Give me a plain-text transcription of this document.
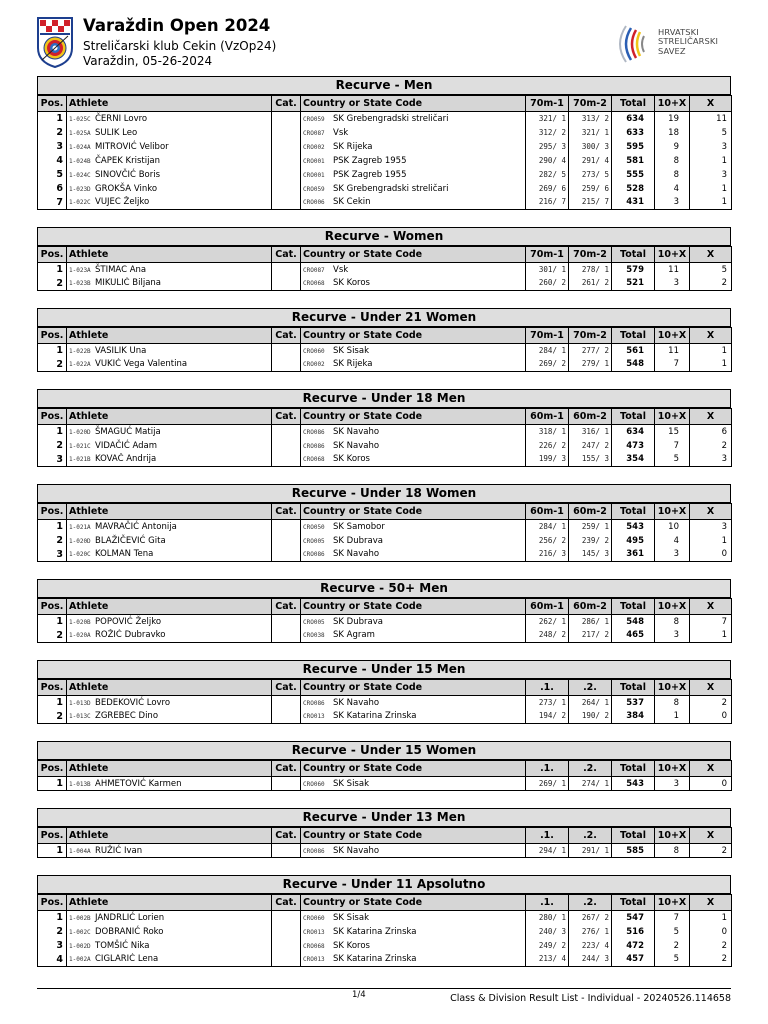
Varaždin Open 2024
Streličarski klub Cekin (VzOp24)
Varaždin, 05-26-2024
HRVATSKI
STRELIČARSKI
SAVEZ
Recurve - Men
Pos.	Athlete	Cat.	Country or State Code	70m-1	70m-2	Total	10+X	X
1	1-025C ČERNI Lovro		CRO059 SK Grebengradski streličari	321/ 1	313/ 2	634	19	11
2	1-025A SULIK Leo		CRO087 Vsk	312/ 2	321/ 1	633	18	5
3	1-024A MITROVIĆ Velibor		CRO002 SK Rijeka	295/ 3	300/ 3	595	9	3
4	1-024B ČAPEK Kristijan		CRO001 PSK Zagreb 1955	290/ 4	291/ 4	581	8	1
5	1-024C SINOVČIĆ Boris		CRO001 PSK Zagreb 1955	282/ 5	273/ 5	555	8	3
6	1-023D GROKŠA Vinko		CRO059 SK Grebengradski streličari	269/ 6	259/ 6	528	4	1
7	1-022C VUJEC Željko		CRO006 SK Cekin	216/ 7	215/ 7	431	3	1
Recurve - Women
Pos.	Athlete	Cat.	Country or State Code	70m-1	70m-2	Total	10+X	X
1	1-023A ŠTIMAC Ana		CRO087 Vsk	301/ 1	278/ 1	579	11	5
2	1-023B MIKULIĆ Biljana		CRO068 SK Koros	260/ 2	261/ 2	521	3	2
Recurve - Under 21 Women
Pos.	Athlete	Cat.	Country or State Code	70m-1	70m-2	Total	10+X	X
1	1-022B VASILIK Una		CRO060 SK Sisak	284/ 1	277/ 2	561	11	1
2	1-022A VUKIĆ Vega Valentina		CRO002 SK Rijeka	269/ 2	279/ 1	548	7	1
Recurve - Under 18 Men
Pos.	Athlete	Cat.	Country or State Code	60m-1	60m-2	Total	10+X	X
1	1-020D ŠMAGUĆ Matija		CRO086 SK Navaho	318/ 1	316/ 1	634	15	6
2	1-021C VIDAČIĆ Adam		CRO086 SK Navaho	226/ 2	247/ 2	473	7	2
3	1-021B KOVAČ Andrija		CRO068 SK Koros	199/ 3	155/ 3	354	5	3
Recurve - Under 18 Women
Pos.	Athlete	Cat.	Country or State Code	60m-1	60m-2	Total	10+X	X
1	1-021A MAVRAČIĆ Antonija		CRO050 SK Samobor	284/ 1	259/ 1	543	10	3
2	1-020D BLAŽIČEVIĆ Gita		CRO005 SK Dubrava	256/ 2	239/ 2	495	4	1
3	1-020C KOLMAN Tena		CRO086 SK Navaho	216/ 3	145/ 3	361	3	0
Recurve - 50+ Men
Pos.	Athlete	Cat.	Country or State Code	60m-1	60m-2	Total	10+X	X
1	1-020B POPOVIĆ Željko		CRO005 SK Dubrava	262/ 1	286/ 1	548	8	7
2	1-020A ROŽIĆ Dubravko		CRO038 SK Agram	248/ 2	217/ 2	465	3	1
Recurve - Under 15 Men
Pos.	Athlete	Cat.	Country or State Code	.1.	.2.	Total	10+X	X
1	1-013D BEDEKOVIĆ Lovro		CRO086 SK Navaho	273/ 1	264/ 1	537	8	2
2	1-013C ZGREBEC Dino		CRO013 SK Katarina Zrinska	194/ 2	190/ 2	384	1	0
Recurve - Under 15 Women
Pos.	Athlete	Cat.	Country or State Code	.1.	.2.	Total	10+X	X
1	1-013B AHMETOVIĆ Karmen		CRO060 SK Sisak	269/ 1	274/ 1	543	3	0
Recurve - Under 13 Men
Pos.	Athlete	Cat.	Country or State Code	.1.	.2.	Total	10+X	X
1	1-004A RUŽIĆ Ivan		CRO086 SK Navaho	294/ 1	291/ 1	585	8	2
Recurve - Under 11 Apsolutno
Pos.	Athlete	Cat.	Country or State Code	.1.	.2.	Total	10+X	X
1	1-002B JANDRLIĆ Lorien		CRO060 SK Sisak	280/ 1	267/ 2	547	7	1
2	1-002C DOBRANIĆ Roko		CRO013 SK Katarina Zrinska	240/ 3	276/ 1	516	5	0
3	1-002D TOMŠIĆ Nika		CRO068 SK Koros	249/ 2	223/ 4	472	2	2
4	1-002A CIGLARIĆ Lena		CRO013 SK Katarina Zrinska	213/ 4	244/ 3	457	5	2
1/4	Class & Division Result List - Individual - 20240526.114658
